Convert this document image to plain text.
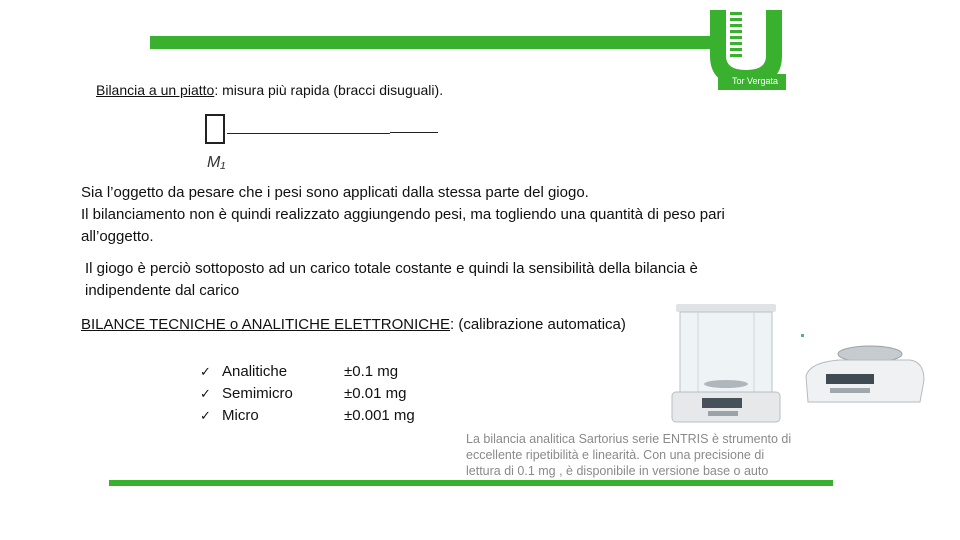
Tor Vergata
Bilancia a un piatto: misura più rapida (bracci disuguali).
M₁
Sia l’oggetto da pesare che i pesi sono applicati dalla stessa parte del giogo.
Il bilanciamento non è quindi realizzato aggiungendo pesi, ma togliendo una quantità di peso pari
all’oggetto.
Il giogo è perciò sottoposto ad un carico totale costante e quindi la sensibilità della bilancia è
indipendente dal carico
BILANCE TECNICHE o ANALITICHE ELETTRONICHE: (calibrazione automatica)
✓ Analitiche	±0.1 mg
✓ Semimicro	±0.01 mg
✓ Micro	±0.001 mg
La bilancia analitica Sartorius serie ENTRIS è strumento di
eccellente ripetibilità e linearità. Con una precisione di
lettura di 0.1 mg , è disponibile in versione base o auto
